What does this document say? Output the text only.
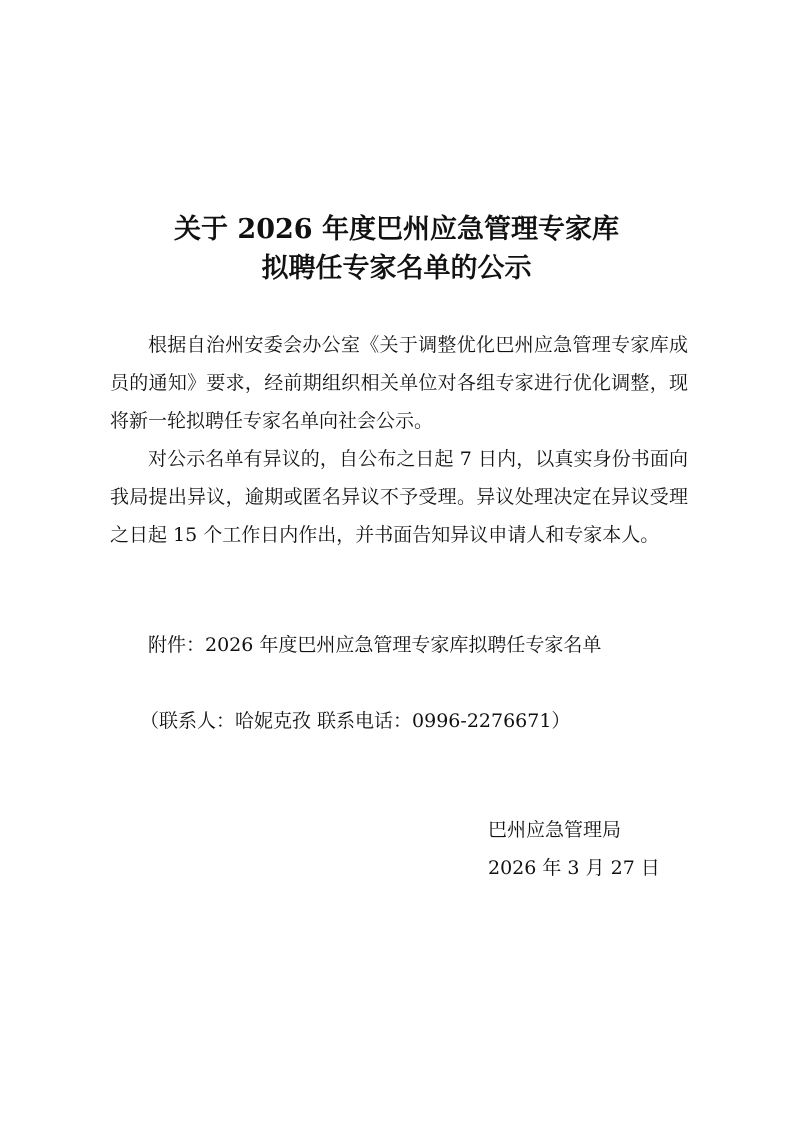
关于 2026 年度巴州应急管理专家库
拟聘任专家名单的公示
根据自治州安委会办公室《关于调整优化巴州应急管理专家库成员的通知》要求，经前期组织相关单位对各组专家进行优化调整，现将新一轮拟聘任专家名单向社会公示。
对公示名单有异议的，自公布之日起 7 日内，以真实身份书面向我局提出异议，逾期或匿名异议不予受理。异议处理决定在异议受理之日起 15 个工作日内作出，并书面告知异议申请人和专家本人。
附件：2026 年度巴州应急管理专家库拟聘任专家名单
（联系人：哈妮克孜 联系电话：0996-2276671）
巴州应急管理局
2026 年 3 月 27 日
